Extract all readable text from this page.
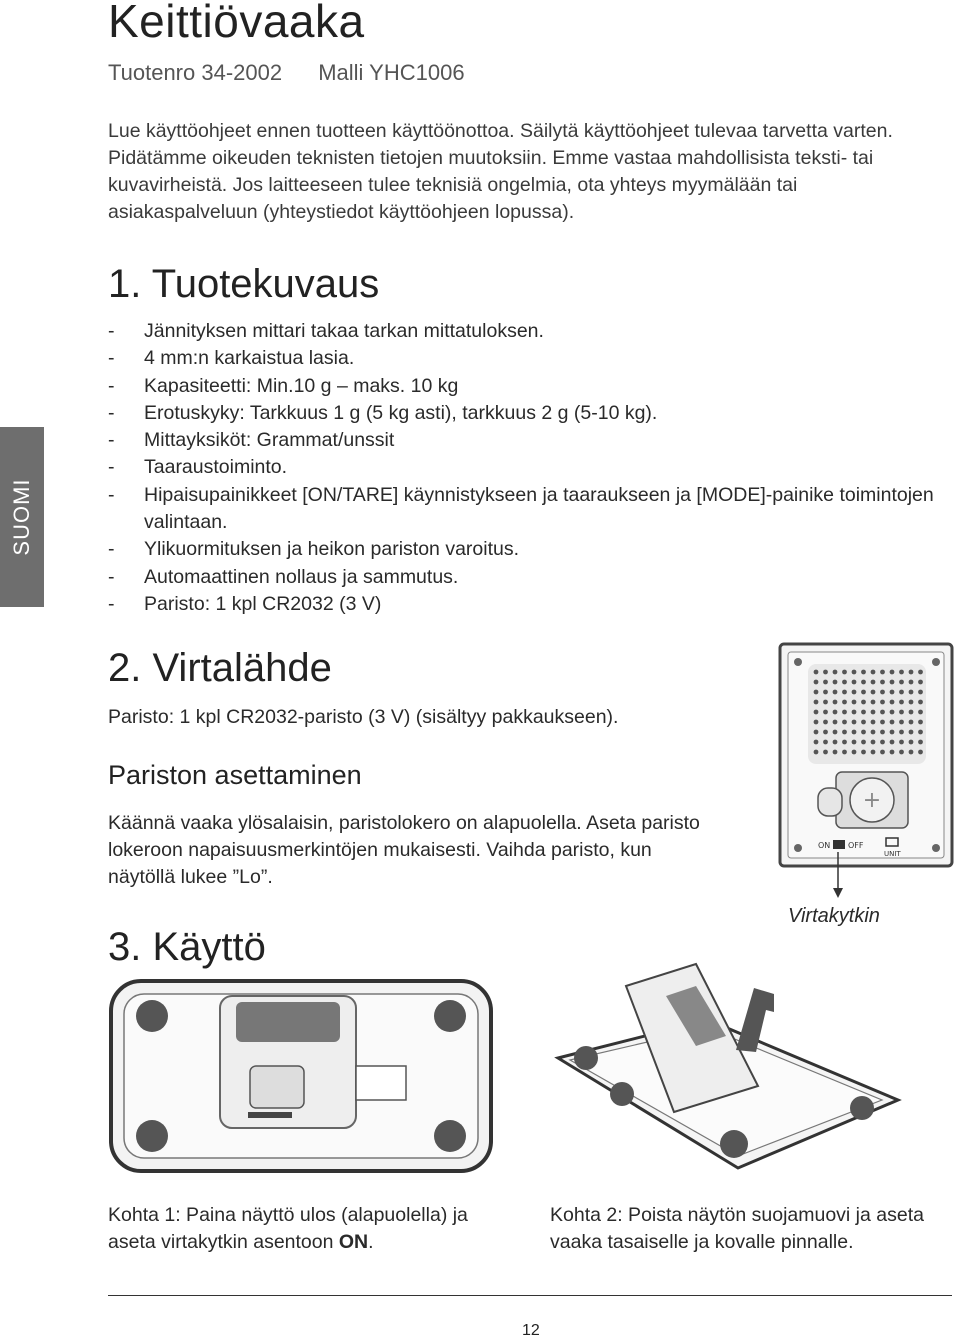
Keittiövaaka
Tuotenro 34-2002 Malli YHC1006
Lue käyttöohjeet ennen tuotteen käyttöönottoa. Säilytä käyttöohjeet tulevaa tarvetta varten. Pidätämme oikeuden teknisten tietojen muutoksiin. Emme vastaa mahdollisista teksti- tai kuvavirheistä. Jos laitteeseen tulee teknisiä ongelmia, ota yhteys myymälään tai asiakaspalveluun (yhteystiedot käyttöohjeen lopussa).
SUOMI
1. Tuotekuvaus
- Jännityksen mittari takaa tarkan mittatuloksen.
- 4 mm:n karkaistua lasia.
- Kapasiteetti: Min.10 g – maks. 10 kg
- Erotuskyky: Tarkkuus 1 g (5 kg asti), tarkkuus 2 g (5-10 kg).
- Mittayksiköt: Grammat/unssit
- Taaraustoiminto.
- Hipaisupainikkeet [ON/TARE] käynnistykseen ja taaraukseen ja [MODE]-painike toimintojen valintaan.
- Ylikuormituksen ja heikon pariston varoitus.
- Automaattinen nollaus ja sammutus.
- Paristo: 1 kpl CR2032 (3 V)
2. Virtalähde
Paristo: 1 kpl CR2032-paristo (3 V) (sisältyy pakkaukseen).
Pariston asettaminen
Käännä vaaka ylösalaisin, paristolokero on alapuolella. Aseta paristo lokeroon napaisuusmerkintöjen mukaisesti. Vaihda paristo, kun näytöllä lukee ”Lo”.
+
ON OFF
UNIT
Virtakytkin
3. Käyttö
Kohta 1: Paina näyttö ulos (alapuolella) ja aseta virtakytkin asentoon ON.
Kohta 2: Poista näytön suojamuovi ja aseta vaaka tasaiselle ja kovalle pinnalle.
12
